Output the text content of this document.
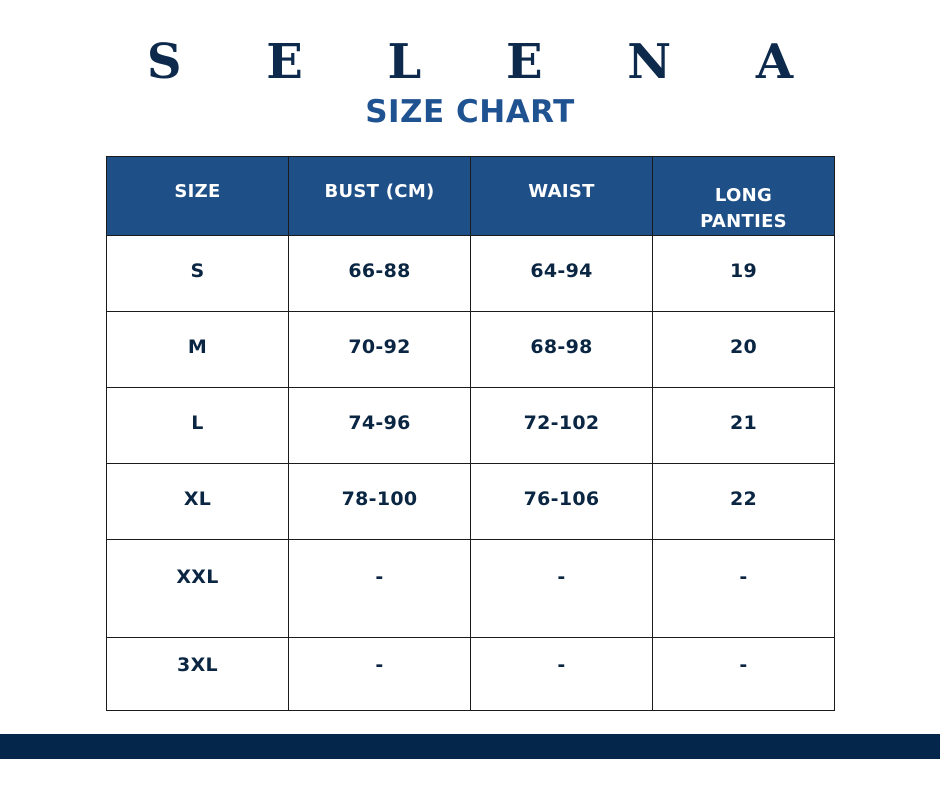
S E L E N A
SIZE CHART
SIZE	BUST (CM)	WAIST	LONG
PANTIES

S	66-88	64-94	19
M	70-92	68-98	20
L	74-96	72-102	21
XL	78-100	76-106	22
XXL	-	-	-
3XL	-	-	-
